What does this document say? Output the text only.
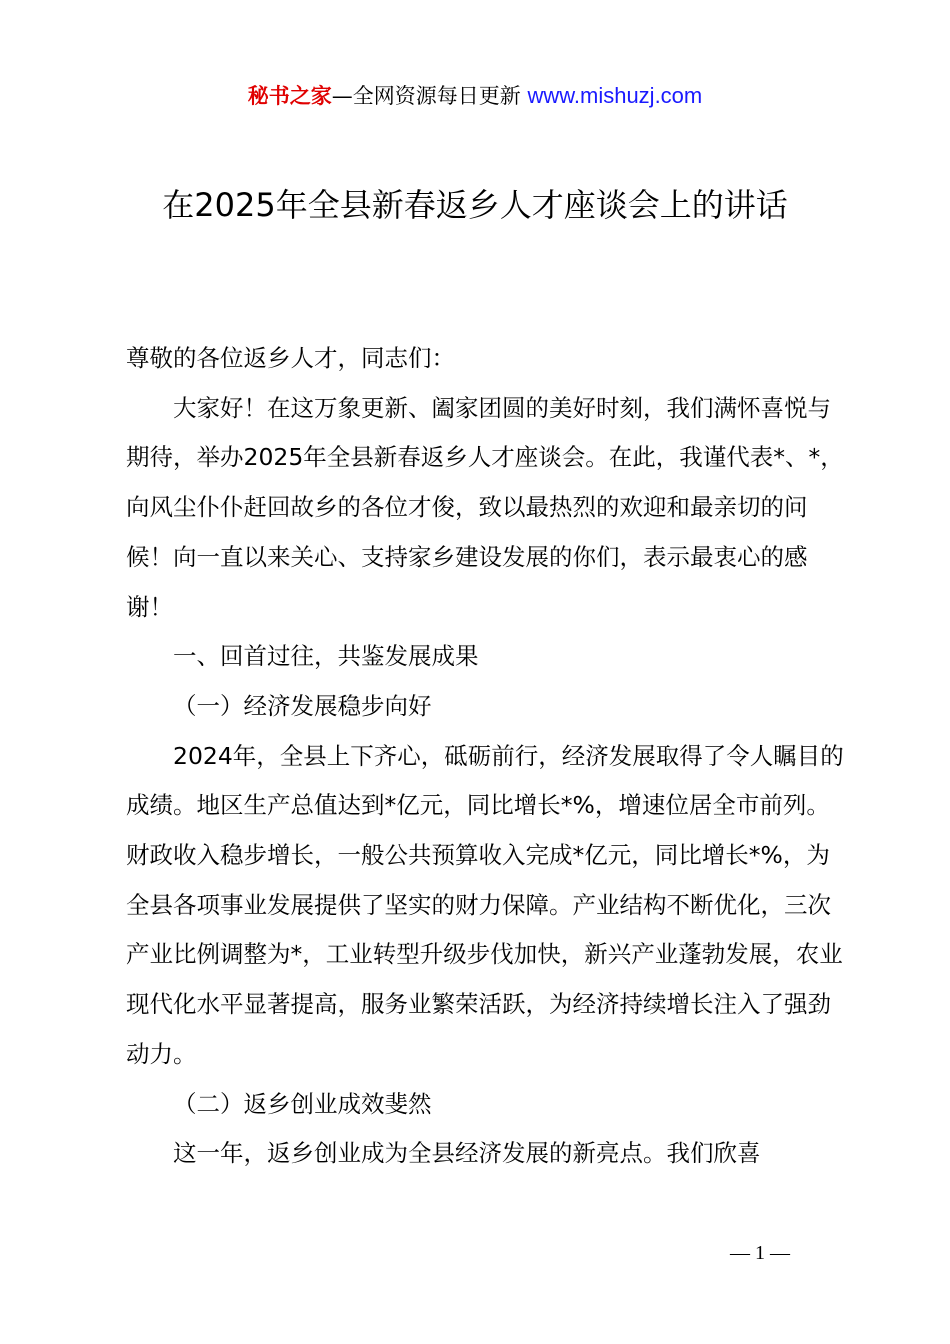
秘书之家—全网资源每日更新 www.mishuzj.com
在2025年全县新春返乡人才座谈会上的讲话

尊敬的各位返乡人才，同志们：

大家好！在这万象更新、阖家团圆的美好时刻，我们满怀喜悦与期待，举办2025年全县新春返乡人才座谈会。在此，我谨代表*、*，向风尘仆仆赶回故乡的各位才俊，致以最热烈的欢迎和最亲切的问候！向一直以来关心、支持家乡建设发展的你们，表示最衷心的感谢！

一、回首过往，共鉴发展成果

（一）经济发展稳步向好

2024年，全县上下齐心，砥砺前行，经济发展取得了令人瞩目的成绩。地区生产总值达到*亿元，同比增长*%，增速位居全市前列。财政收入稳步增长，一般公共预算收入完成*亿元，同比增长*%，为全县各项事业发展提供了坚实的财力保障。产业结构不断优化，三次产业比例调整为*，工业转型升级步伐加快，新兴产业蓬勃发展，农业现代化水平显著提高，服务业繁荣活跃，为经济持续增长注入了强劲动力。

（二）返乡创业成效斐然

这一年，返乡创业成为全县经济发展的新亮点。我们欣喜

— 1 —
